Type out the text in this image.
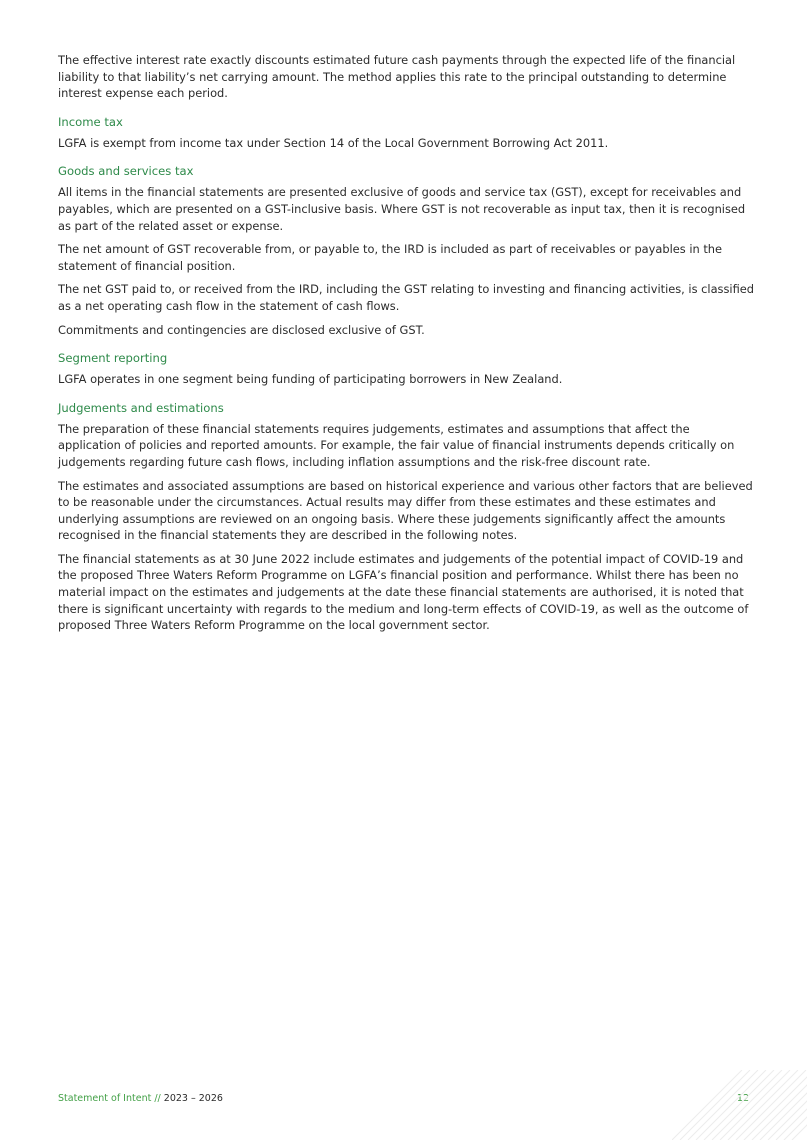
The effective interest rate exactly discounts estimated future cash payments through the expected life of the financial liability to that liability’s net carrying amount. The method applies this rate to the principal outstanding to determine interest expense each period.

Income tax

LGFA is exempt from income tax under Section 14 of the Local Government Borrowing Act 2011.

Goods and services tax

All items in the financial statements are presented exclusive of goods and service tax (GST), except for receivables and payables, which are presented on a GST-inclusive basis. Where GST is not recoverable as input tax, then it is recognised as part of the related asset or expense.

The net amount of GST recoverable from, or payable to, the IRD is included as part of receivables or payables in the statement of financial position.

The net GST paid to, or received from the IRD, including the GST relating to investing and financing activities, is classified as a net operating cash flow in the statement of cash flows.

Commitments and contingencies are disclosed exclusive of GST.

Segment reporting

LGFA operates in one segment being funding of participating borrowers in New Zealand.

Judgements and estimations

The preparation of these financial statements requires judgements, estimates and assumptions that affect the application of policies and reported amounts. For example, the fair value of financial instruments depends critically on judgements regarding future cash flows, including inflation assumptions and the risk-free discount rate.

The estimates and associated assumptions are based on historical experience and various other factors that are believed to be reasonable under the circumstances. Actual results may differ from these estimates and these estimates and underlying assumptions are reviewed on an ongoing basis. Where these judgements significantly affect the amounts recognised in the financial statements they are described in the following notes.

The financial statements as at 30 June 2022 include estimates and judgements of the potential impact of COVID-19 and the proposed Three Waters Reform Programme on LGFA’s financial position and performance. Whilst there has been no material impact on the estimates and judgements at the date these financial statements are authorised, it is noted that there is significant uncertainty with regards to the medium and long-term effects of COVID-19, as well as the outcome of proposed Three Waters Reform Programme on the local government sector.

Statement of Intent // 2023 – 2026	12
